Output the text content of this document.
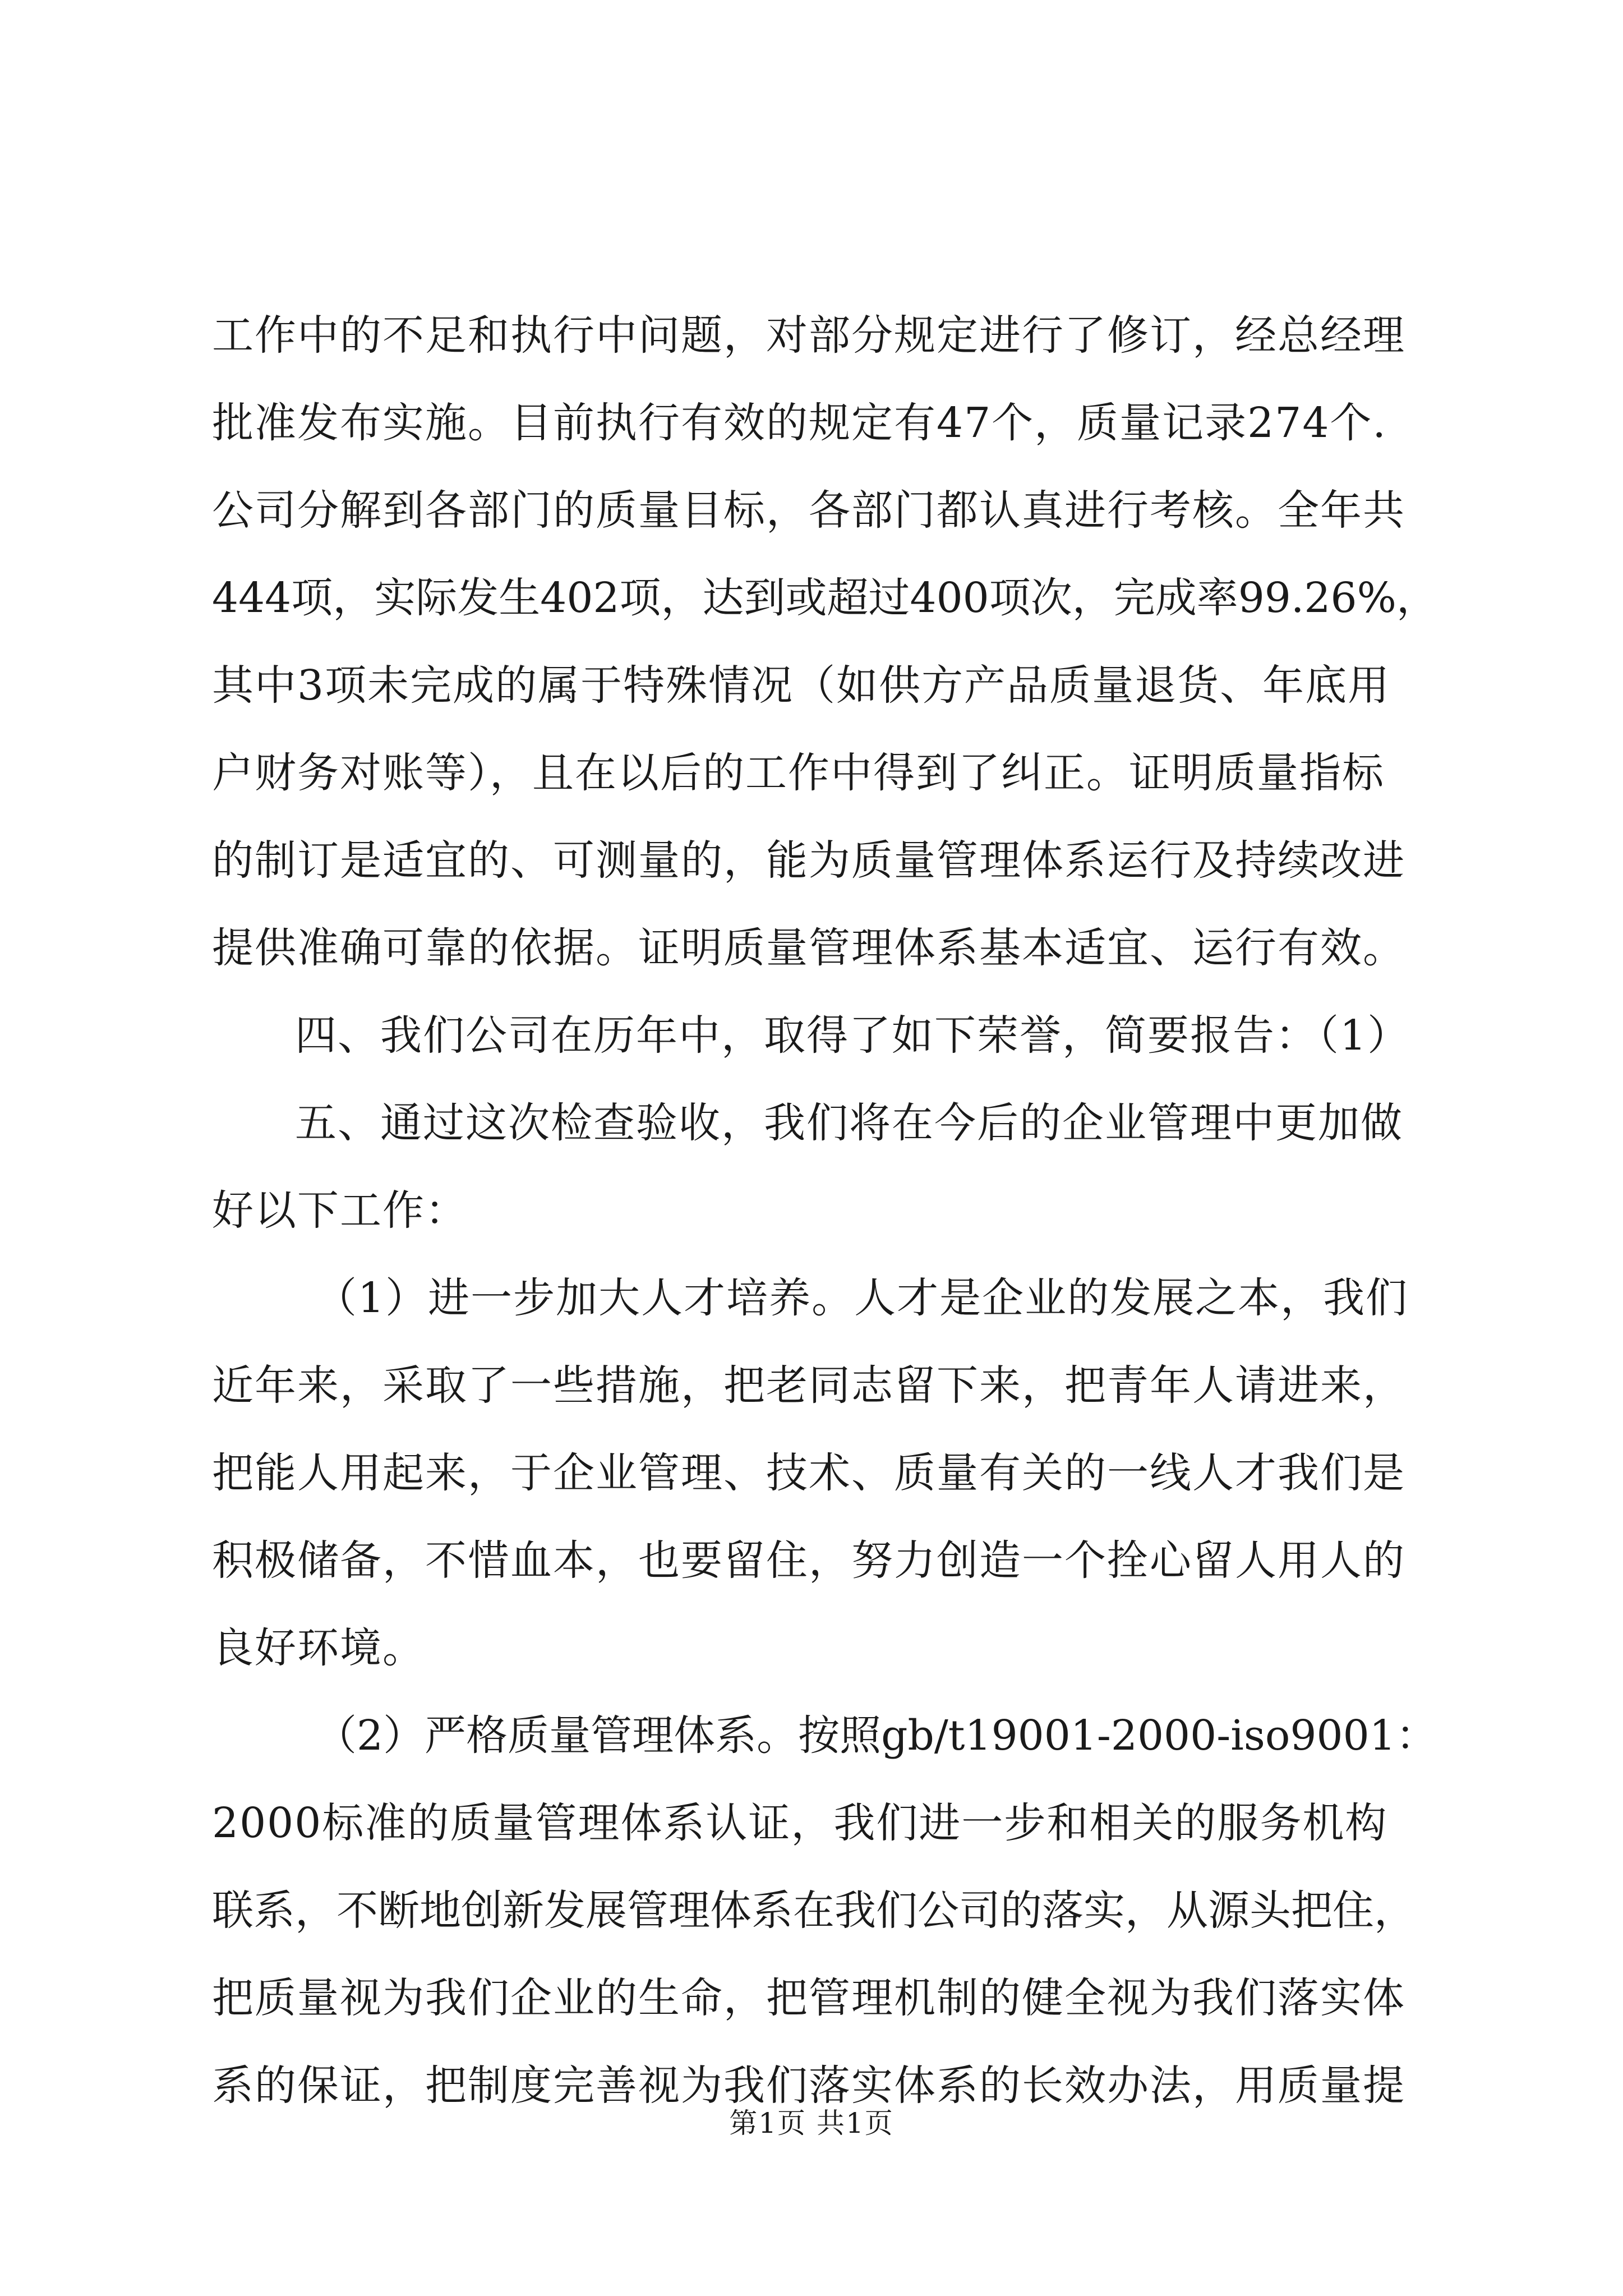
工作中的不足和执行中问题，对部分规定进行了修订，经总经理
批准发布实施。目前执行有效的规定有47个，质量记录274个.
公司分解到各部门的质量目标，各部门都认真进行考核。全年共
444项，实际发生402项，达到或超过400项次，完成率99.26%，
其中3项未完成的属于特殊情况（如供方产品质量退货、年底用
户财务对账等），且在以后的工作中得到了纠正。证明质量指标
的制订是适宜的、可测量的，能为质量管理体系运行及持续改进
提供准确可靠的依据。证明质量管理体系基本适宜、运行有效。
四、我们公司在历年中，取得了如下荣誉，简要报告：（1）
五、通过这次检查验收，我们将在今后的企业管理中更加做
好以下工作：
（1）进一步加大人才培养。人才是企业的发展之本，我们
近年来，采取了一些措施，把老同志留下来，把青年人请进来，
把能人用起来，于企业管理、技术、质量有关的一线人才我们是
积极储备，不惜血本，也要留住，努力创造一个拴心留人用人的
良好环境。
（2）严格质量管理体系。按照gb/t19001-2000-iso9001：
2000标准的质量管理体系认证，我们进一步和相关的服务机构
联系，不断地创新发展管理体系在我们公司的落实，从源头把住，
把质量视为我们企业的生命，把管理机制的健全视为我们落实体
系的保证，把制度完善视为我们落实体系的长效办法，用质量提
第1页 共1页
